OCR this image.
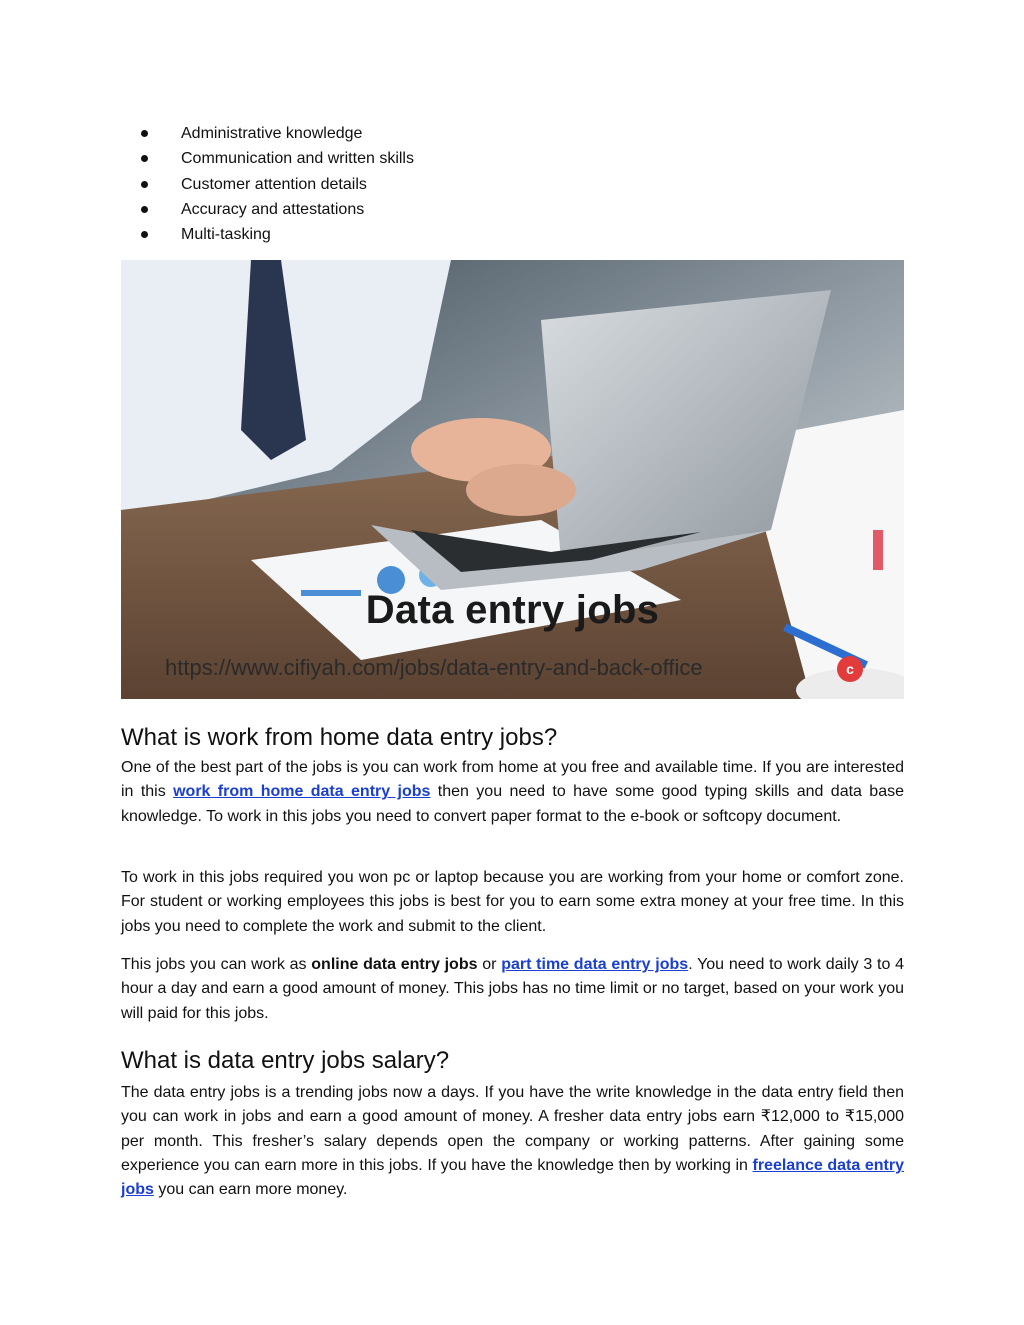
Administrative knowledge
Communication and written skills
Customer attention details
Accuracy and attestations
Multi-tasking
Data entry jobs
https://www.cifiyah.com/jobs/data-entry-and-back-office	c
What is work from home data entry jobs?

One of the best part of the jobs is you can work from home at you free and available time. If you are interested in this work from home data entry jobs then you need to have some good typing skills and data base knowledge. To work in this jobs you need to convert paper format to the e-book or softcopy document.

To work in this jobs required you won pc or laptop because you are working from your home or comfort zone. For student or working employees this jobs is best for you to earn some extra money at your free time. In this jobs you need to complete the work and submit to the client.

This jobs you can work as online data entry jobs or part time data entry jobs. You need to work daily 3 to 4 hour a day and earn a good amount of money. This jobs has no time limit or no target, based on your work you will paid for this jobs.

What is data entry jobs salary?

The data entry jobs is a trending jobs now a days. If you have the write knowledge in the data entry field then you can work in jobs and earn a good amount of money. A fresher data entry jobs earn ₹12,000 to ₹15,000 per month. This fresher’s salary depends open the company or working patterns. After gaining some experience you can earn more in this jobs. If you have the knowledge then by working in freelance data entry jobs you can earn more money.
